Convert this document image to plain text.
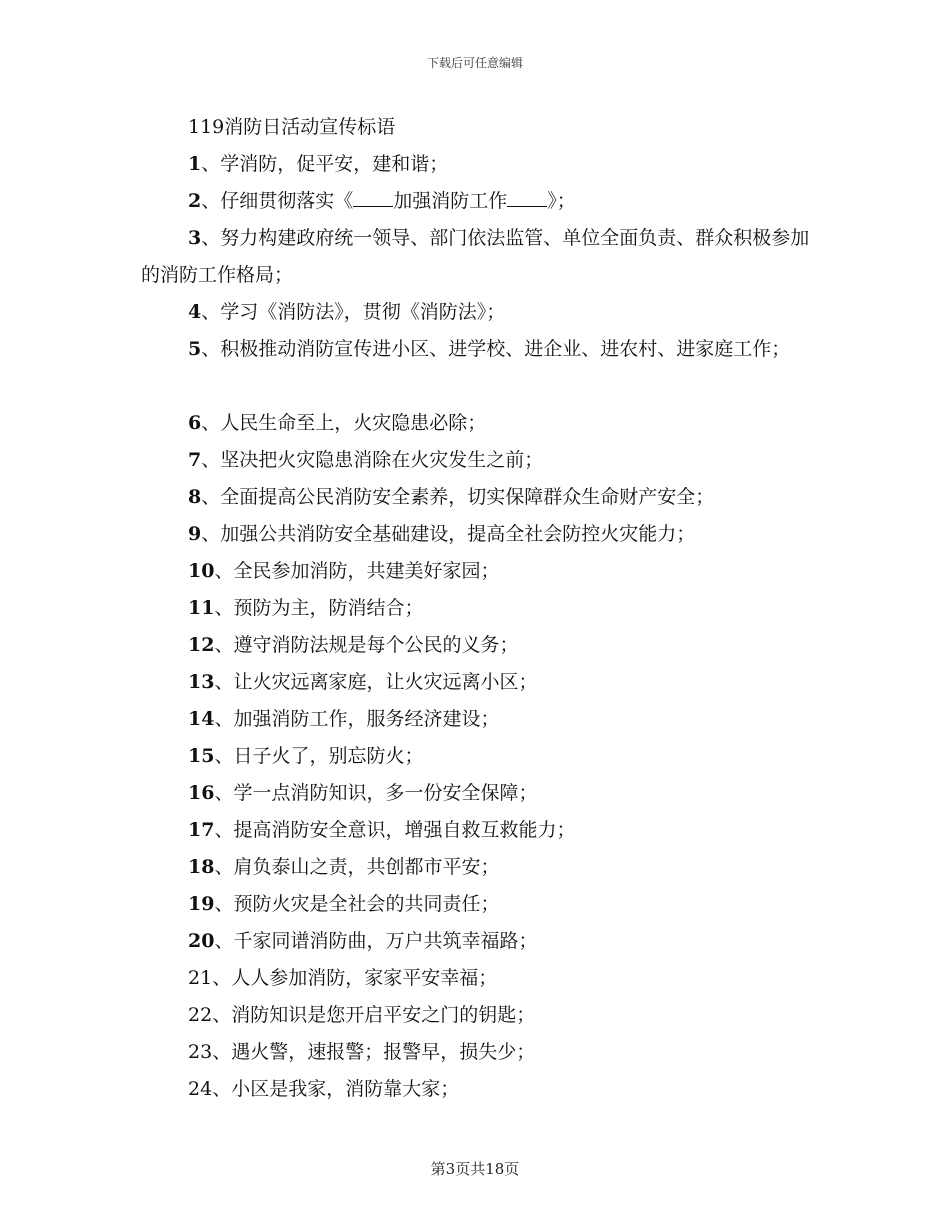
下载后可任意编辑
119消防日活动宣传标语
1、学消防，促平安，建和谐；
2、仔细贯彻落实《 加强消防工作 》；
3、努力构建政府统一领导、部门依法监管、单位全面负责、群众积极参加的消防工作格局；
4、学习《消防法》，贯彻《消防法》；
5、积极推动消防宣传进小区、进学校、进企业、进农村、进家庭工作；
6、人民生命至上，火灾隐患必除；
7、坚决把火灾隐患消除在火灾发生之前；
8、全面提高公民消防安全素养，切实保障群众生命财产安全；
9、加强公共消防安全基础建设，提高全社会防控火灾能力；
10、全民参加消防，共建美好家园；
11、预防为主，防消结合；
12、遵守消防法规是每个公民的义务；
13、让火灾远离家庭，让火灾远离小区；
14、加强消防工作，服务经济建设；
15、日子火了，别忘防火；
16、学一点消防知识，多一份安全保障；
17、提高消防安全意识，增强自救互救能力；
18、肩负泰山之责，共创都市平安；
19、预防火灾是全社会的共同责任；
20、千家同谱消防曲，万户共筑幸福路；
21、人人参加消防，家家平安幸福；
22、消防知识是您开启平安之门的钥匙；
23、遇火警，速报警；报警早，损失少；
24、小区是我家，消防靠大家；
第3页共18页
